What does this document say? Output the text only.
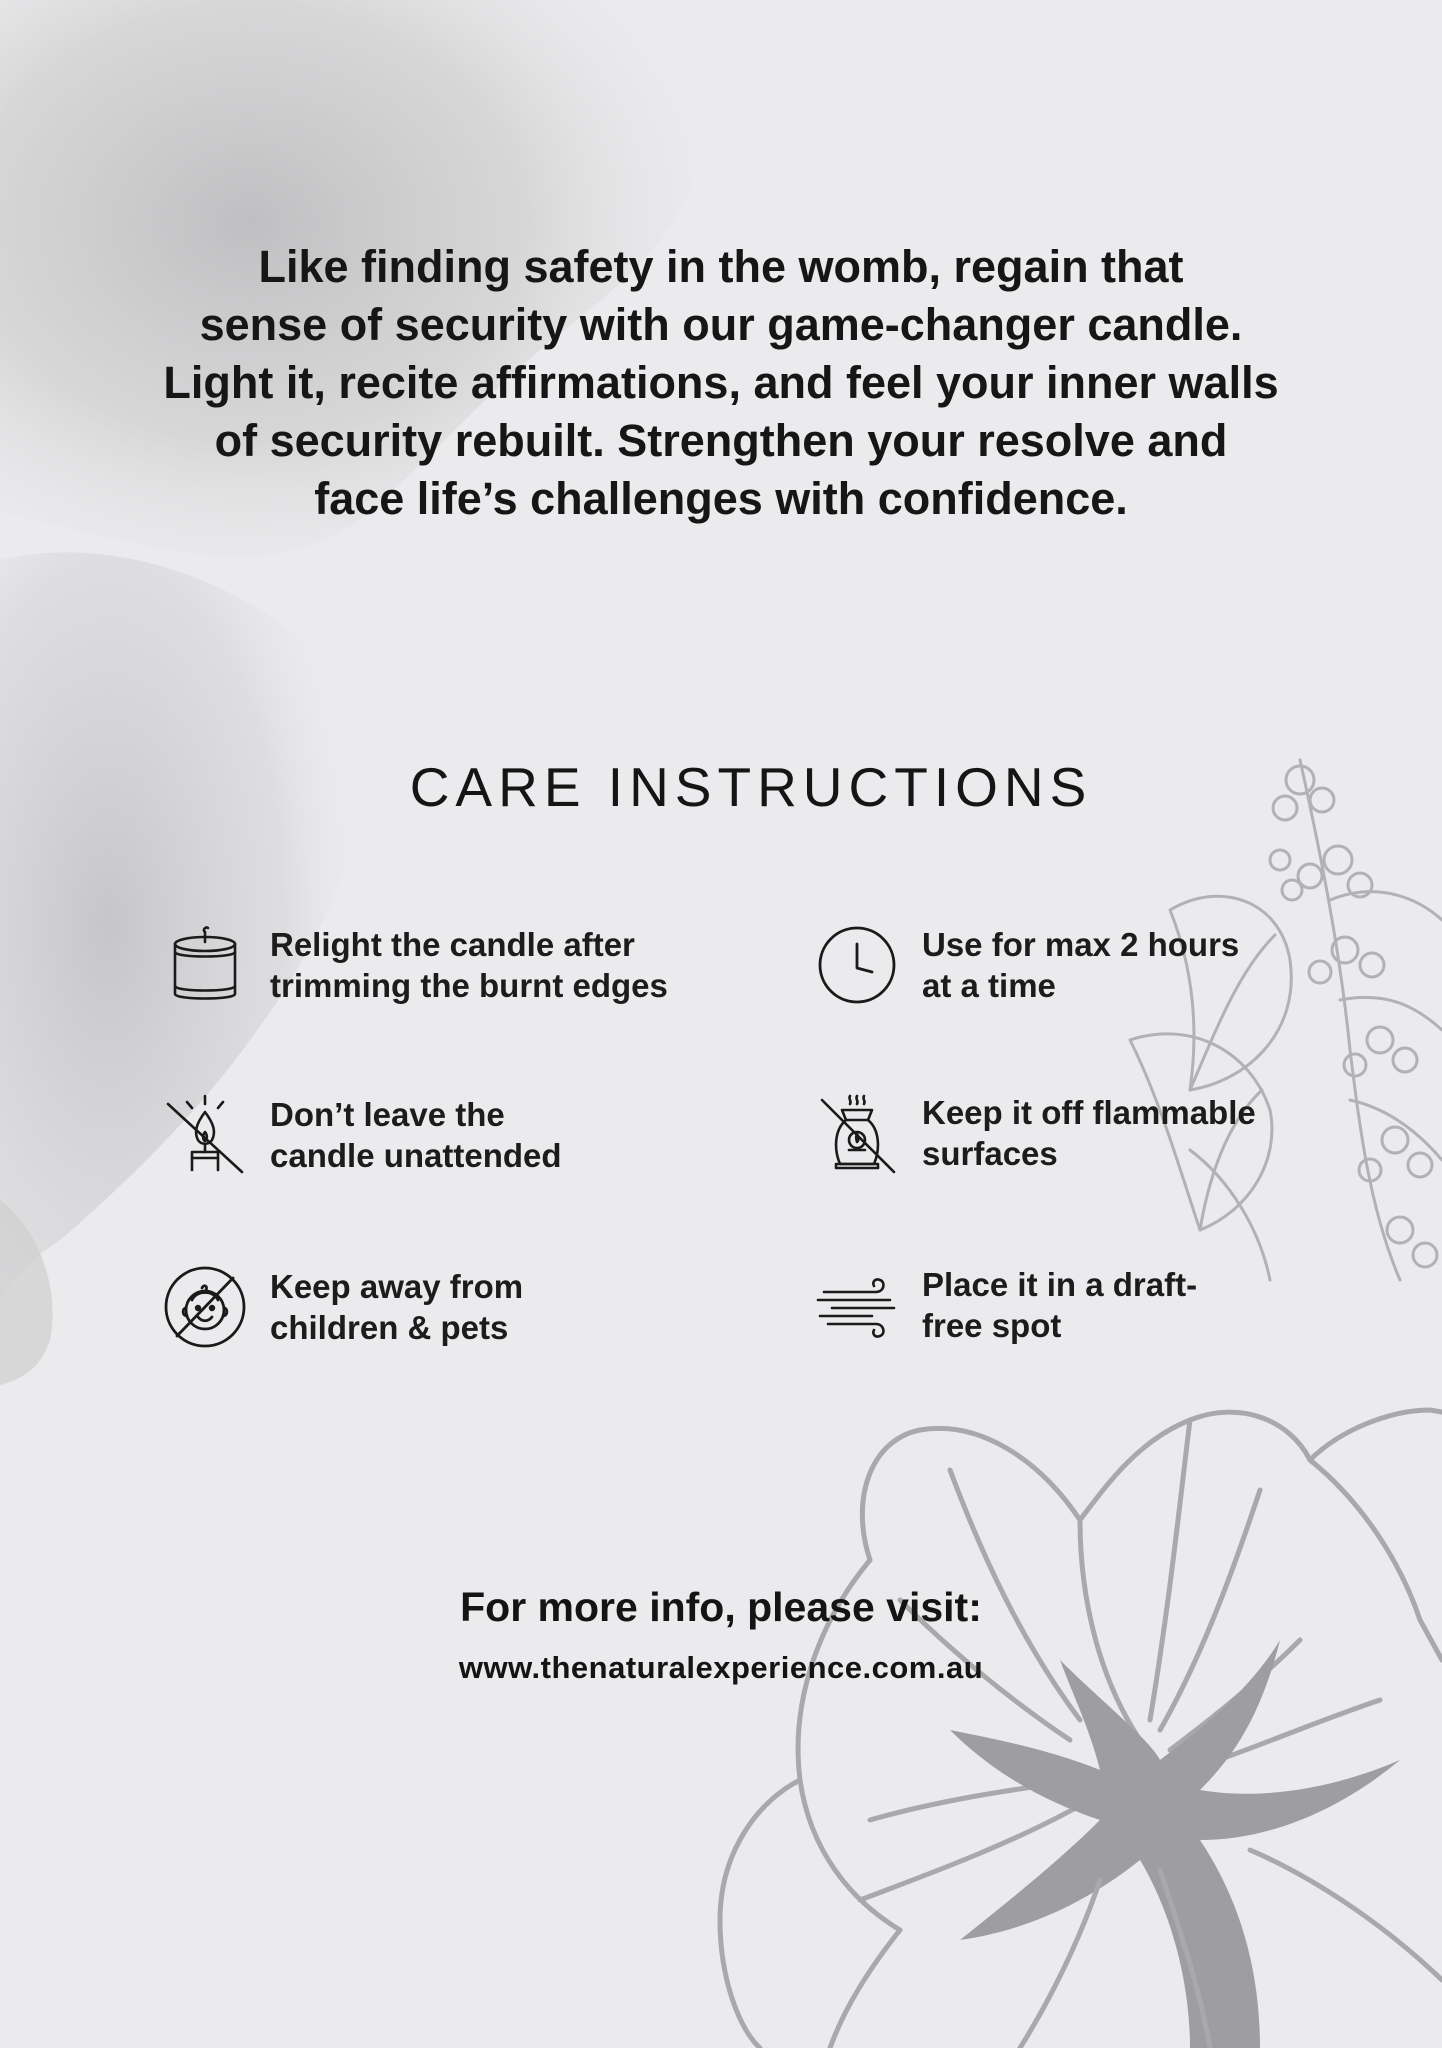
Like finding safety in the womb, regain that
sense of security with our game-changer candle.
Light it, recite affirmations, and feel your inner walls
of security rebuilt. Strengthen your resolve and
face life’s challenges with confidence.

CARE INSTRUCTIONS
Relight the candle after
trimming the burnt edges
Use for max 2 hours
at a time
Don’t leave the
candle unattended
Keep it off flammable
surfaces
Keep away from
children & pets
Place it in a draft-
free spot
For more info, please visit:
www.thenaturalexperience.com.au
